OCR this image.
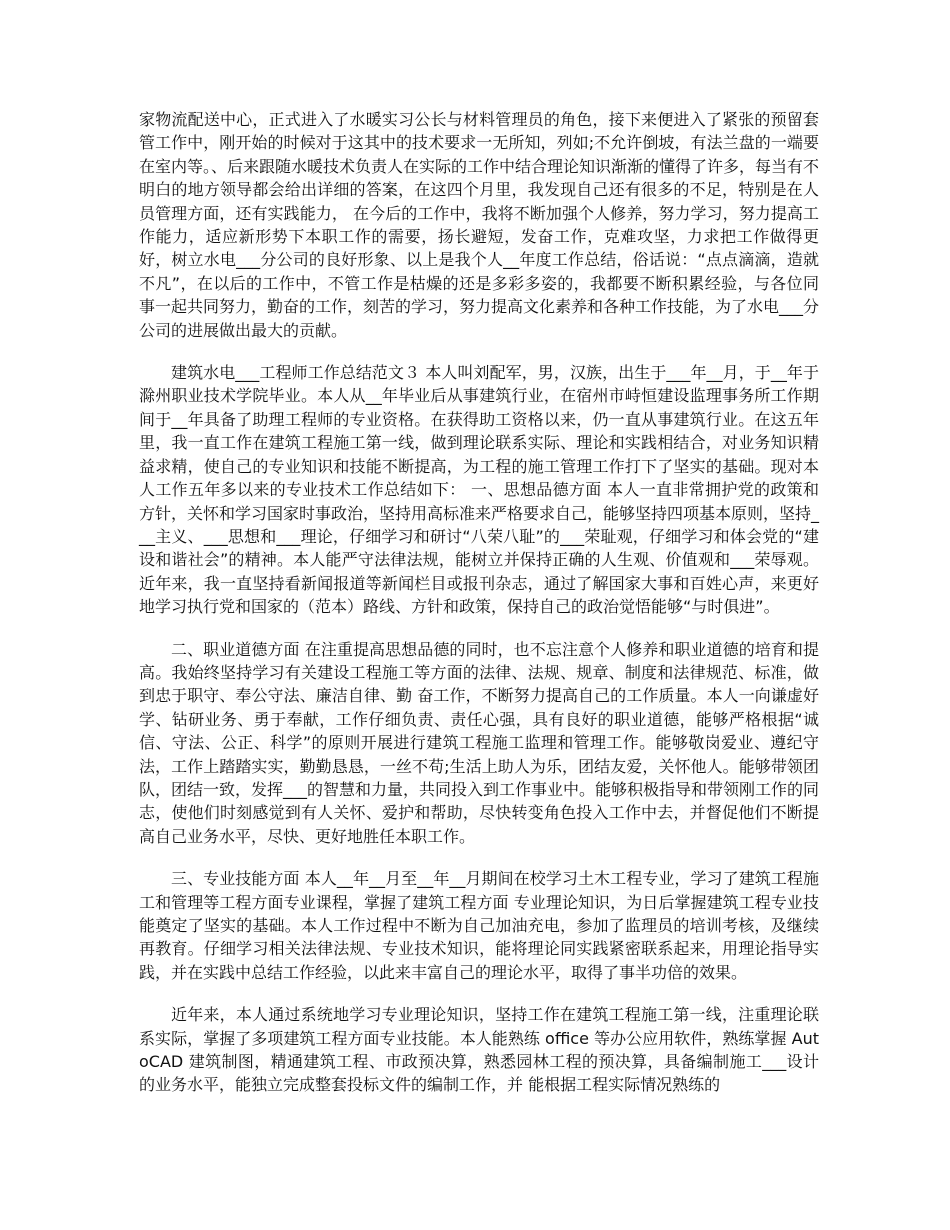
家物流配送中心，正式进入了水暖实习公长与材料管理员的角色，接下来便进入了紧张的预留套管工作中，刚开始的时候对于这其中的技术要求一无所知，列如;不允许倒坡，有法兰盘的一端要在室内等。、后来跟随水暖技术负责人在实际的工作中结合理论知识渐渐的懂得了许多，每当有不明白的地方领导都会给出详细的答案，在这四个月里，我发现自己还有很多的不足，特别是在人员管理方面，还有实践能力， 在今后的工作中，我将不断加强个人修养，努力学习，努力提高工作能力，适应新形势下本职工作的需要，扬长避短，发奋工作，克难攻坚，力求把工作做得更好，树立水电___分公司的良好形象、以上是我个人__年度工作总结，俗话说：“点点滴滴，造就不凡”，在以后的工作中，不管工作是枯燥的还是多彩多姿的，我都要不断积累经验，与各位同事一起共同努力，勤奋的工作，刻苦的学习，努力提高文化素养和各种工作技能，为了水电___分公司的进展做出最大的贡献。

建筑水电___工程师工作总结范文３ 本人叫刘配军，男，汉族，出生于___年__月，于__年于滁州职业技术学院毕业。本人从__年毕业后从事建筑行业，在宿州市峙恒建设监理事务所工作期间于__年具备了助理工程师的专业资格。在获得助工资格以来，仍一直从事建筑行业。在这五年里，我一直工作在建筑工程施工第一线，做到理论联系实际、理论和实践相结合，对业务知识精益求精，使自己的专业知识和技能不断提高，为工程的施工管理工作打下了坚实的基础。现对本人工作五年多以来的专业技术工作总结如下： 一、思想品德方面 本人一直非常拥护党的政策和方针，关怀和学习国家时事政治，坚持用高标准来严格要求自己，能够坚持四项基本原则，坚持___主义、___思想和___理论，仔细学习和研讨“八荣八耻”的___荣耻观，仔细学习和体会党的“建设和谐社会”的精神。本人能严守法律法规，能树立并保持正确的人生观、价值观和___荣辱观。近年来，我一直坚持看新闻报道等新闻栏目或报刊杂志，通过了解国家大事和百姓心声，来更好地学习执行党和国家的（范本）路线、方针和政策，保持自己的政治觉悟能够“与时俱进”。

二、职业道德方面 在注重提高思想品德的同时，也不忘注意个人修养和职业道德的培育和提高。我始终坚持学习有关建设工程施工等方面的法律、法规、规章、制度和法律规范、标准，做到忠于职守、奉公守法、廉洁自律、勤 奋工作，不断努力提高自己的工作质量。本人一向谦虚好学、钻研业务、勇于奉献，工作仔细负责、责任心强，具有良好的职业道德，能够严格根据“诚信、守法、公正、科学”的原则开展进行建筑工程施工监理和管理工作。能够敬岗爱业、遵纪守法，工作上踏踏实实，勤勤恳恳，一丝不苟;生活上助人为乐，团结友爱，关怀他人。能够带领团队，团结一致，发挥___的智慧和力量，共同投入到工作事业中。能够积极指导和带领刚工作的同志，使他们时刻感觉到有人关怀、爱护和帮助，尽快转变角色投入工作中去，并督促他们不断提高自己业务水平，尽快、更好地胜任本职工作。

三、专业技能方面 本人__年__月至__年__月期间在校学习土木工程专业，学习了建筑工程施工和管理等工程方面专业课程，掌握了建筑工程方面 专业理论知识，为日后掌握建筑工程专业技能奠定了坚实的基础。本人工作过程中不断为自己加油充电，参加了监理员的培训考核，及继续再教育。仔细学习相关法律法规、专业技术知识，能将理论同实践紧密联系起来，用理论指导实践，并在实践中总结工作经验，以此来丰富自己的理论水平，取得了事半功倍的效果。

近年来，本人通过系统地学习专业理论知识，坚持工作在建筑工程施工第一线，注重理论联系实际，掌握了多项建筑工程方面专业技能。本人能熟练 office 等办公应用软件，熟练掌握 AutoCAD 建筑制图，精通建筑工程、市政预决算，熟悉园林工程的预决算，具备编制施工___设计的业务水平，能独立完成整套投标文件的编制工作，并 能根据工程实际情况熟练的
